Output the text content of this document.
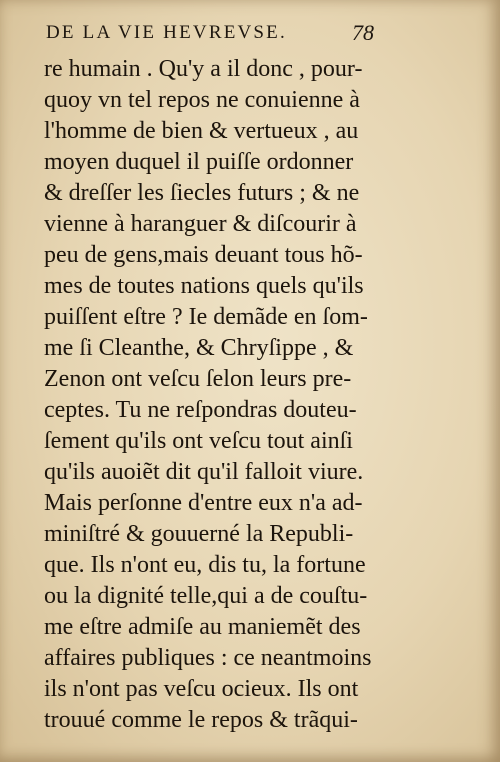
DE LA VIE HEVREVSE.	78
re humain . Qu'y a il donc , pour-
quoy vn tel repos ne conuienne à
l'homme de bien & vertueux , au
moyen duquel il puiſſe ordonner
& dreſſer les ſiecles futurs ; & ne
vienne à haranguer & diſcourir à
peu de gens,mais deuant tous hõ-
mes de toutes nations quels qu'ils
puiſſent eſtre ? Ie demãde en ſom-
me ſi Cleanthe, & Chryſippe , &
Zenon ont veſcu ſelon leurs pre-
ceptes. Tu ne reſpondras douteu-
ſement qu'ils ont veſcu tout ainſi
qu'ils auoiẽt dit qu'il falloit viure.
Mais perſonne d'entre eux n'a ad-
miniſtré & gouuerné la Republi-
que. Ils n'ont eu, dis tu, la fortune
ou la dignité telle,qui a de couſtu-
me eſtre admiſe au maniemẽt des
affaires publiques : ce neantmoins
ils n'ont pas veſcu ocieux. Ils ont
trouué comme le repos & trãqui-
